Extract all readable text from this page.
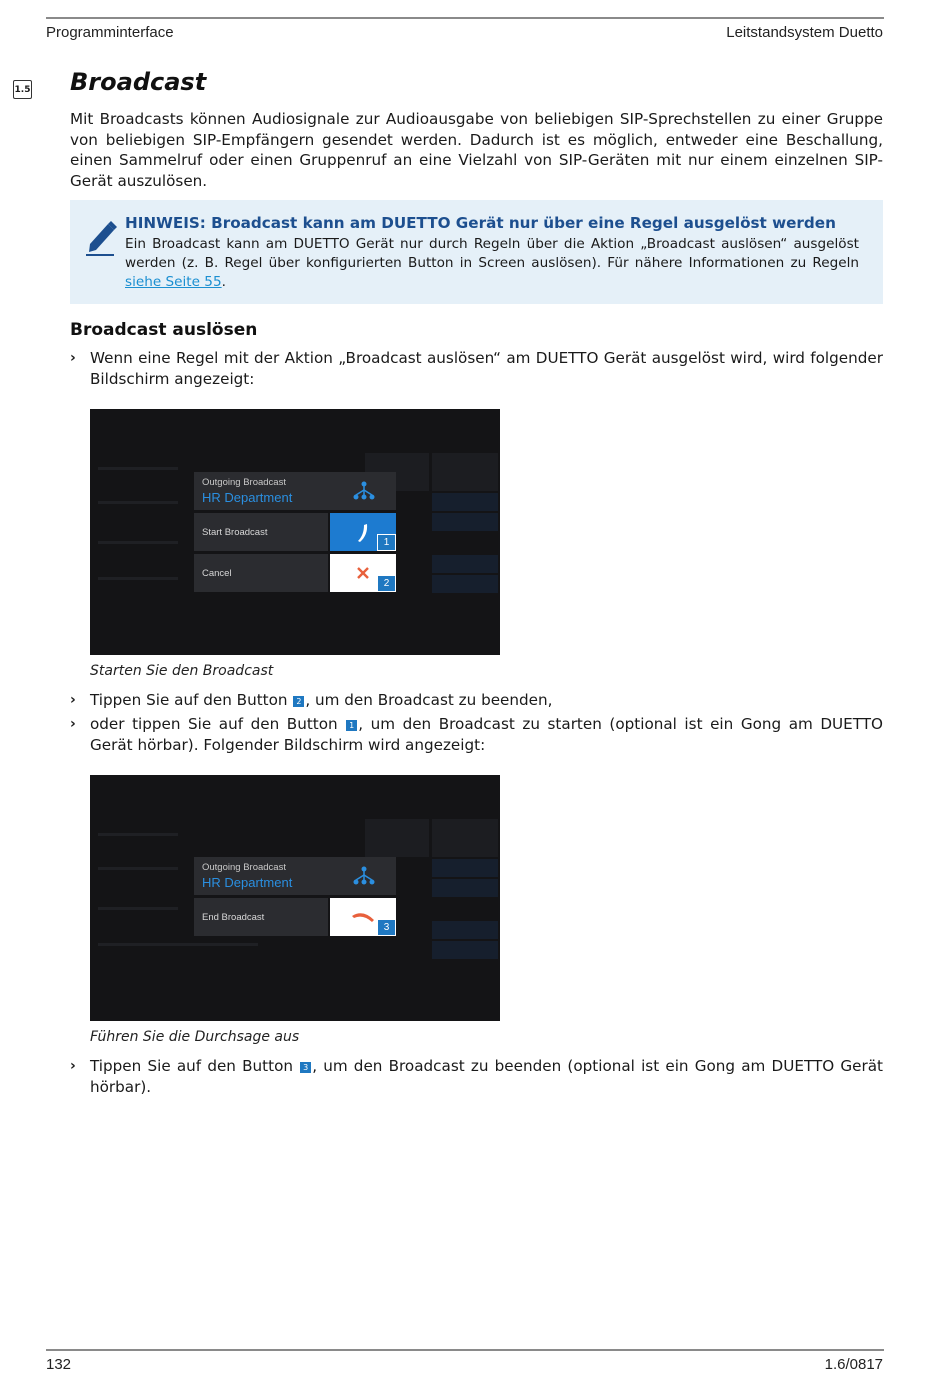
Programminterface	Leitstandsystem Duetto
1.5 Broadcast

Mit Broadcasts können Audiosignale zur Audioausgabe von beliebigen SIP-Sprechstellen zu einer Gruppe von beliebigen SIP-Empfängern gesendet werden. Dadurch ist es möglich, entweder eine Beschallung, einen Sammelruf oder einen Gruppenruf an eine Vielzahl von SIP-Geräten mit nur einem einzelnen SIP-Gerät auszulösen.

HINWEIS: Broadcast kann am DUETTO Gerät nur über eine Regel ausgelöst werden

Ein Broadcast kann am DUETTO Gerät nur durch Regeln über die Aktion „Broadcast auslösen“ ausgelöst werden (z. B. Regel über konfigurierten Button in Screen auslösen). Für nähere Informationen zu Regeln siehe Seite 55.

Broadcast auslösen
› Wenn eine Regel mit der Aktion „Broadcast auslösen“ am DUETTO Gerät ausgelöst wird, wird folgender Bildschirm angezeigt:
Outgoing Broadcast
HR Department
Start Broadcast
1
Cancel
2

Starten Sie den Broadcast

› Tippen Sie auf den Button 2 , um den Broadcast zu beenden,
› oder tippen Sie auf den Button 1 , um den Broadcast zu starten (optional ist ein Gong am DUETTO Gerät hörbar). Folgender Bildschirm wird angezeigt:
Outgoing Broadcast
HR Department
End Broadcast
3

Führen Sie die Durchsage aus

› Tippen Sie auf den Button 3 , um den Broadcast zu beenden (optional ist ein Gong am DUETTO Gerät hörbar).
132	1.6/0817
